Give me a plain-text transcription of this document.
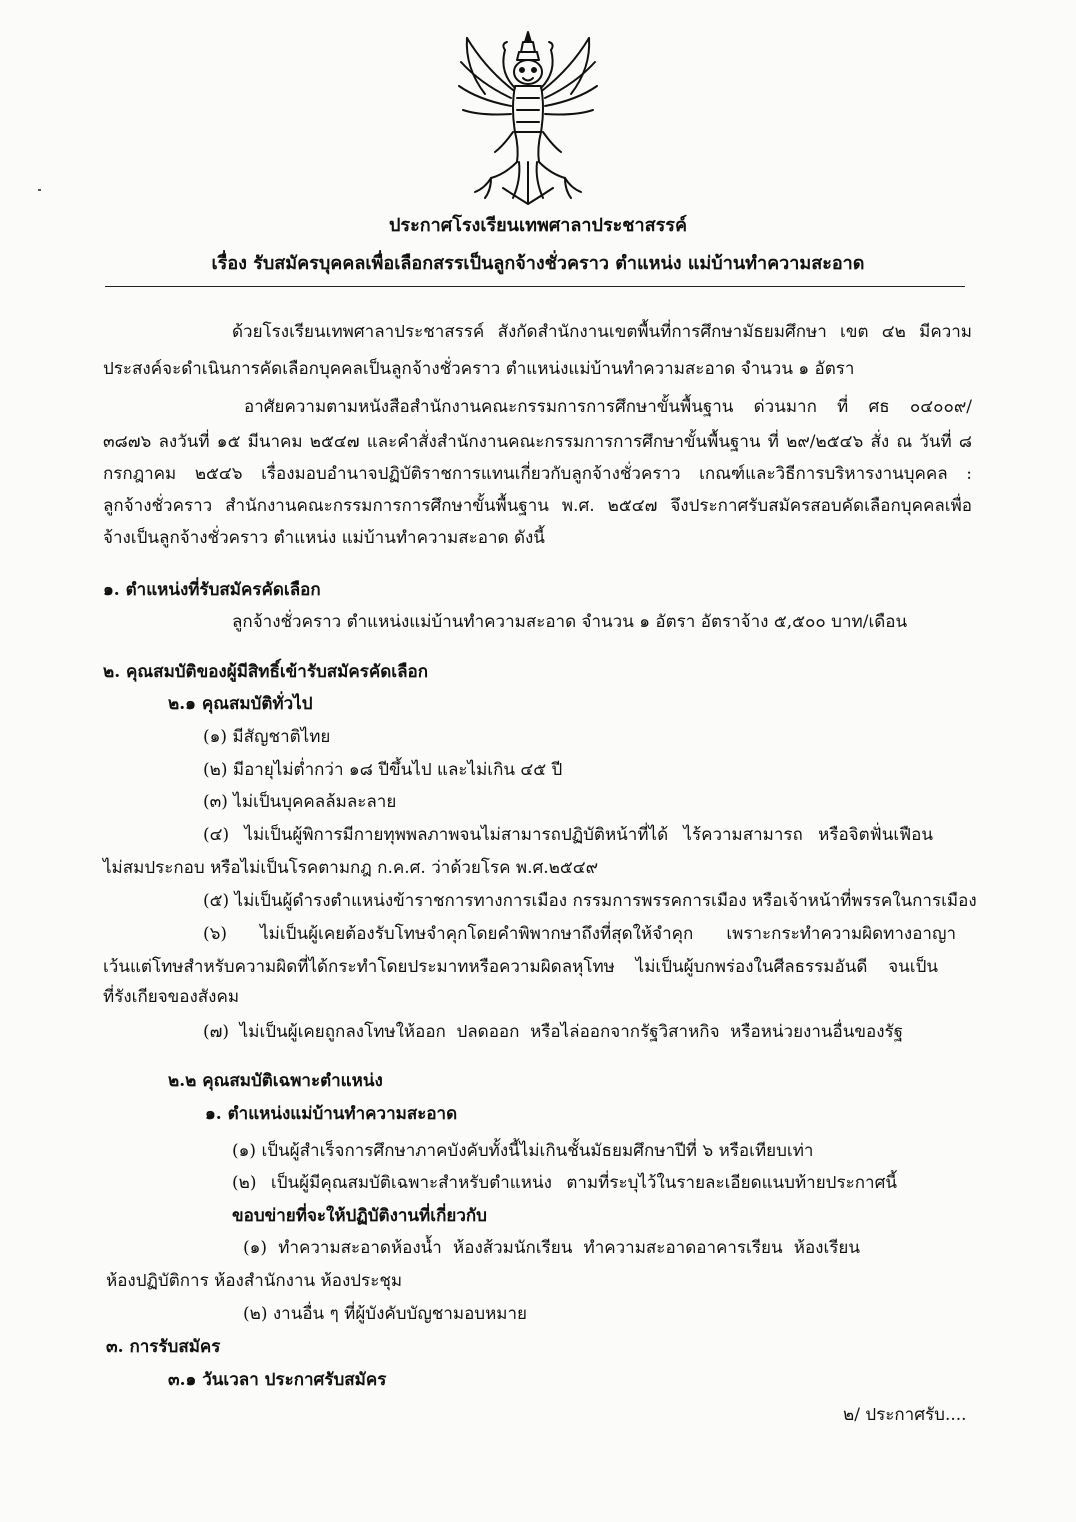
ประกาศโรงเรียนเทพศาลาประชาสรรค์
เรื่อง รับสมัครบุคคลเพื่อเลือกสรรเป็นลูกจ้างชั่วคราว ตำแหน่ง แม่บ้านทำความสะอาด
ด้วยโรงเรียนเทพศาลาประชาสรรค์ สังกัดสำนักงานเขตพื้นที่การศึกษามัธยมศึกษา เขต ๔๒ มีความ
ประสงค์จะดำเนินการคัดเลือกบุคคลเป็นลูกจ้างชั่วคราว ตำแหน่งแม่บ้านทำความสะอาด จำนวน ๑ อัตรา
อาศัยความตามหนังสือสำนักงานคณะกรรมการการศึกษาขั้นพื้นฐาน ด่วนมาก ที่ ศธ ๐๔๐๐๙/
๓๘๗๖ ลงวันที่ ๑๕ มีนาคม ๒๕๔๗ และคำสั่งสำนักงานคณะกรรมการการศึกษาขั้นพื้นฐาน ที่ ๒๙/๒๕๔๖ สั่ง ณ วันที่ ๘
กรกฎาคม ๒๕๔๖ เรื่องมอบอำนาจปฏิบัติราชการแทนเกี่ยวกับลูกจ้างชั่วคราว เกณฑ์และวิธีการบริหารงานบุคคล :
ลูกจ้างชั่วคราว สำนักงานคณะกรรมการการศึกษาขั้นพื้นฐาน พ.ศ. ๒๕๔๗ จึงประกาศรับสมัครสอบคัดเลือกบุคคลเพื่อ
จ้างเป็นลูกจ้างชั่วคราว ตำแหน่ง แม่บ้านทำความสะอาด ดังนี้
๑. ตำแหน่งที่รับสมัครคัดเลือก
ลูกจ้างชั่วคราว ตำแหน่งแม่บ้านทำความสะอาด จำนวน ๑ อัตรา อัตราจ้าง ๕,๕๐๐ บาท/เดือน
๒. คุณสมบัติของผู้มีสิทธิ์เข้ารับสมัครคัดเลือก
๒.๑ คุณสมบัติทั่วไป
(๑) มีสัญชาติไทย
(๒) มีอายุไม่ต่ำกว่า ๑๘ ปีขึ้นไป และไม่เกิน ๔๕ ปี
(๓) ไม่เป็นบุคคลล้มละลาย
(๔) ไม่เป็นผู้พิการมีกายทุพพลภาพจนไม่สามารถปฏิบัติหน้าที่ได้ ไร้ความสามารถ หรือจิตฟั่นเฟือน
ไม่สมประกอบ หรือไม่เป็นโรคตามกฎ ก.ค.ศ. ว่าด้วยโรค พ.ศ.๒๕๔๙
(๕) ไม่เป็นผู้ดำรงตำแหน่งข้าราชการทางการเมือง กรรมการพรรคการเมือง หรือเจ้าหน้าที่พรรคในการเมือง
(๖) ไม่เป็นผู้เคยต้องรับโทษจำคุกโดยคำพิพากษาถึงที่สุดให้จำคุก เพราะกระทำความผิดทางอาญา
เว้นแต่โทษสำหรับความผิดที่ได้กระทำโดยประมาทหรือความผิดลหุโทษ ไม่เป็นผู้บกพร่องในศีลธรรมอันดี จนเป็น
ที่รังเกียจของสังคม
(๗) ไม่เป็นผู้เคยถูกลงโทษให้ออก ปลดออก หรือไล่ออกจากรัฐวิสาหกิจ หรือหน่วยงานอื่นของรัฐ
๒.๒ คุณสมบัติเฉพาะตำแหน่ง
๑. ตำแหน่งแม่บ้านทำความสะอาด
(๑) เป็นผู้สำเร็จการศึกษาภาคบังคับทั้งนี้ไม่เกินชั้นมัธยมศึกษาปีที่ ๖ หรือเทียบเท่า
(๒) เป็นผู้มีคุณสมบัติเฉพาะสำหรับตำแหน่ง ตามที่ระบุไว้ในรายละเอียดแนบท้ายประกาศนี้
ขอบข่ายที่จะให้ปฏิบัติงานที่เกี่ยวกับ
(๑) ทำความสะอาดห้องน้ำ ห้องส้วมนักเรียน ทำความสะอาดอาคารเรียน ห้องเรียน
ห้องปฏิบัติการ ห้องสำนักงาน ห้องประชุม
(๒) งานอื่น ๆ ที่ผู้บังคับบัญชามอบหมาย
๓. การรับสมัคร
๓.๑ วันเวลา ประกาศรับสมัคร
๒/ ประกาศรับ....
